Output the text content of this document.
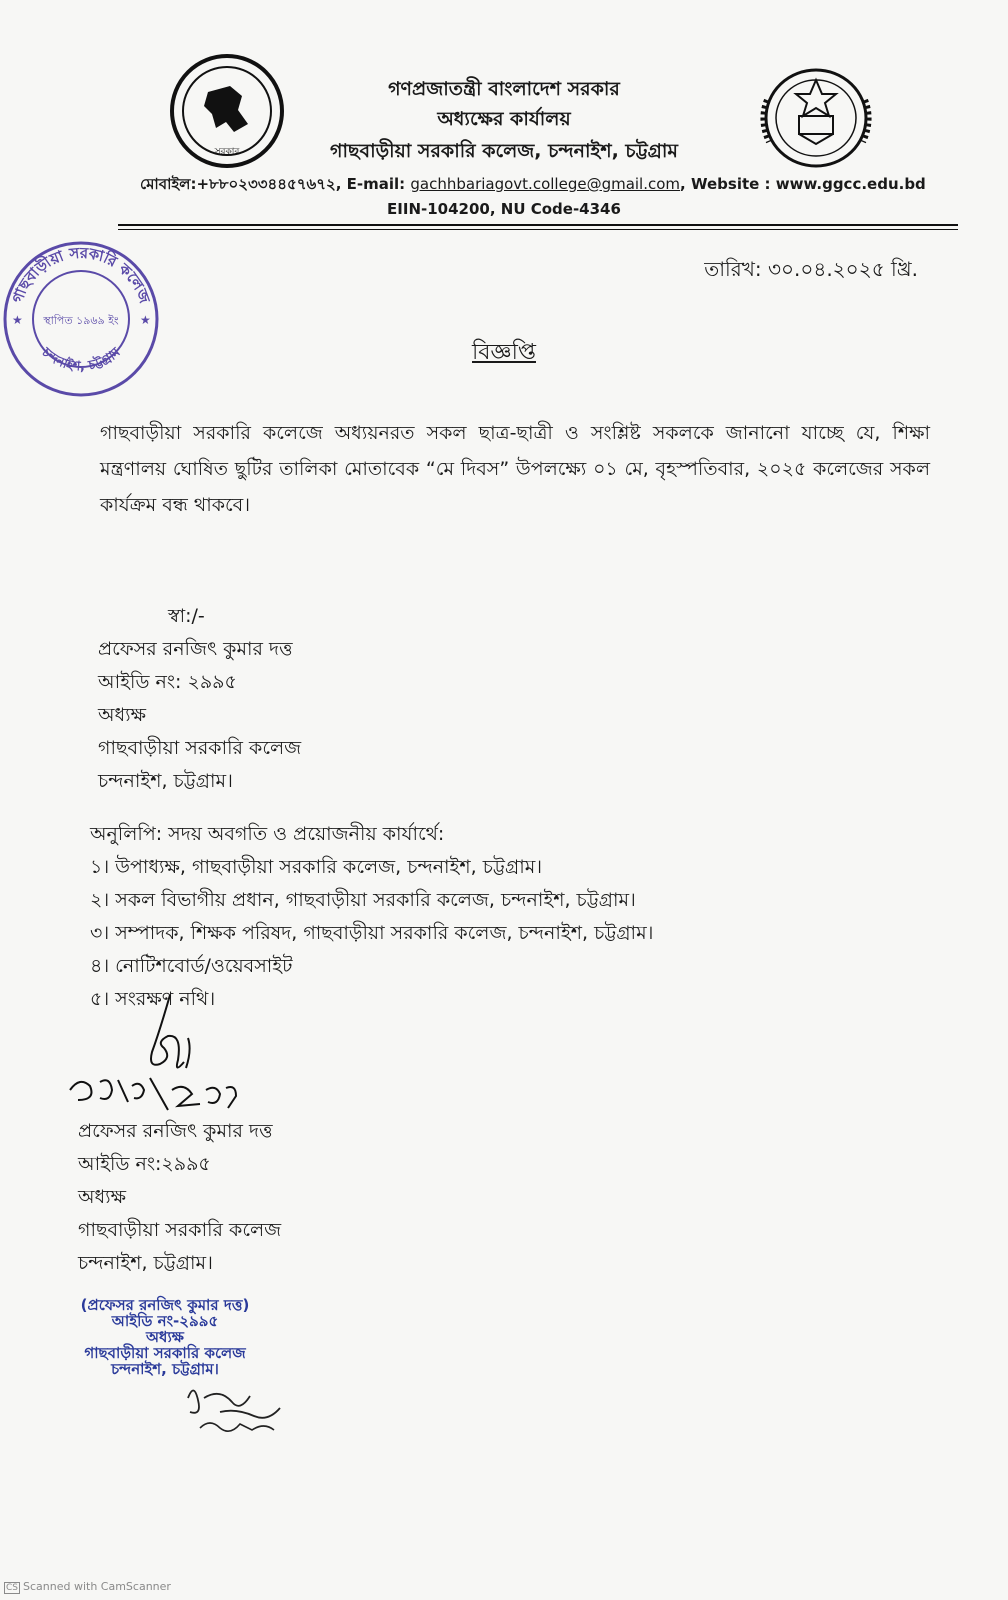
সরকার
গণপ্রজাতন্ত্রী বাংলাদেশ সরকার
অধ্যক্ষের কার্যালয়
গাছবাড়ীয়া সরকারি কলেজ, চন্দনাইশ, চট্টগ্রাম
মোবাইল:+৮৮০২৩৩৪৪৫৭৬৭২, E-mail: gachhbariagovt.college@gmail.com, Website : www.ggcc.edu.bd
EIIN-104200, NU Code-4346
গাছবাড়ীয়া সরকারি কলেজ
চন্দনাইশ, চট্টগ্রাম
স্থাপিত ১৯৬৯ ইং
★	★
তারিখ: ৩০.০৪.২০২৫ খ্রি.
বিজ্ঞপ্তি
গাছবাড়ীয়া সরকারি কলেজে অধ্যয়নরত সকল ছাত্র-ছাত্রী ও সংশ্লিষ্ট সকলকে জানানো যাচ্ছে যে, শিক্ষা মন্ত্রণালয় ঘোষিত ছুটির তালিকা মোতাবেক “মে দিবস” উপলক্ষ্যে ০১ মে, বৃহস্পতিবার, ২০২৫ কলেজের সকল কার্যক্রম বন্ধ থাকবে।
স্বা:/-
প্রফেসর রনজিৎ কুমার দত্ত
আইডি নং: ২৯৯৫
অধ্যক্ষ
গাছবাড়ীয়া সরকারি কলেজ
চন্দনাইশ, চট্টগ্রাম।
অনুলিপি: সদয় অবগতি ও প্রয়োজনীয় কার্যার্থে:
১। উপাধ্যক্ষ, গাছবাড়ীয়া সরকারি কলেজ, চন্দনাইশ, চট্টগ্রাম।
২। সকল বিভাগীয় প্রধান, গাছবাড়ীয়া সরকারি কলেজ, চন্দনাইশ, চট্টগ্রাম।
৩। সম্পাদক, শিক্ষক পরিষদ, গাছবাড়ীয়া সরকারি কলেজ, চন্দনাইশ, চট্টগ্রাম।
৪। নোটিশবোর্ড/ওয়েবসাইট
৫। সংরক্ষণ নথি।
প্রফেসর রনজিৎ কুমার দত্ত
আইডি নং:২৯৯৫
অধ্যক্ষ
গাছবাড়ীয়া সরকারি কলেজ
চন্দনাইশ, চট্টগ্রাম।
(প্রফেসর রনজিৎ কুমার দত্ত)
আইডি নং-২৯৯৫
অধ্যক্ষ
গাছবাড়ীয়া সরকারি কলেজ
চন্দনাইশ, চট্টগ্রাম।
CS Scanned with CamScanner
